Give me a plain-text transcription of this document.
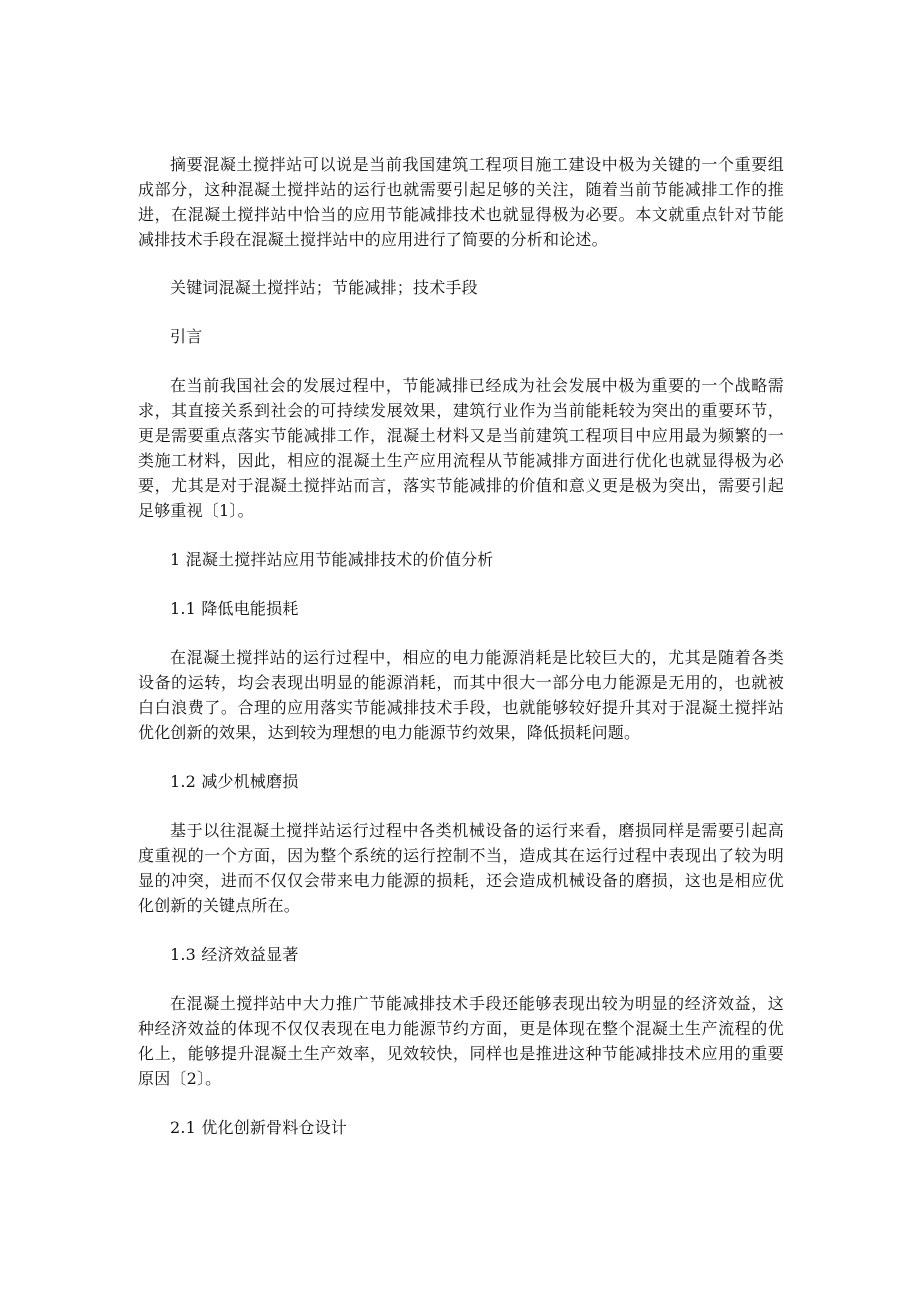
摘要混凝土搅拌站可以说是当前我国建筑工程项目施工建设中极为关键的一个重要组成部分，这种混凝土搅拌站的运行也就需要引起足够的关注，随着当前节能减排工作的推进，在混凝土搅拌站中恰当的应用节能减排技术也就显得极为必要。本文就重点针对节能减排技术手段在混凝土搅拌站中的应用进行了简要的分析和论述。

关键词混凝土搅拌站；节能减排；技术手段

引言

在当前我国社会的发展过程中，节能减排已经成为社会发展中极为重要的一个战略需求，其直接关系到社会的可持续发展效果，建筑行业作为当前能耗较为突出的重要环节，更是需要重点落实节能减排工作，混凝土材料又是当前建筑工程项目中应用最为频繁的一类施工材料，因此，相应的混凝土生产应用流程从节能减排方面进行优化也就显得极为必要，尤其是对于混凝土搅拌站而言，落实节能减排的价值和意义更是极为突出，需要引起足够重视〔1〕。

1 混凝土搅拌站应用节能减排技术的价值分析

1.1 降低电能损耗

在混凝土搅拌站的运行过程中，相应的电力能源消耗是比较巨大的，尤其是随着各类设备的运转，均会表现出明显的能源消耗，而其中很大一部分电力能源是无用的，也就被白白浪费了。合理的应用落实节能减排技术手段，也就能够较好提升其对于混凝土搅拌站优化创新的效果，达到较为理想的电力能源节约效果，降低损耗问题。

1.2 减少机械磨损

基于以往混凝土搅拌站运行过程中各类机械设备的运行来看，磨损同样是需要引起高度重视的一个方面，因为整个系统的运行控制不当，造成其在运行过程中表现出了较为明显的冲突，进而不仅仅会带来电力能源的损耗，还会造成机械设备的磨损，这也是相应优化创新的关键点所在。

1.3 经济效益显著

在混凝土搅拌站中大力推广节能减排技术手段还能够表现出较为明显的经济效益，这种经济效益的体现不仅仅表现在电力能源节约方面，更是体现在整个混凝土生产流程的优化上，能够提升混凝土生产效率，见效较快，同样也是推进这种节能减排技术应用的重要原因〔2〕。

2.1 优化创新骨料仓设计
